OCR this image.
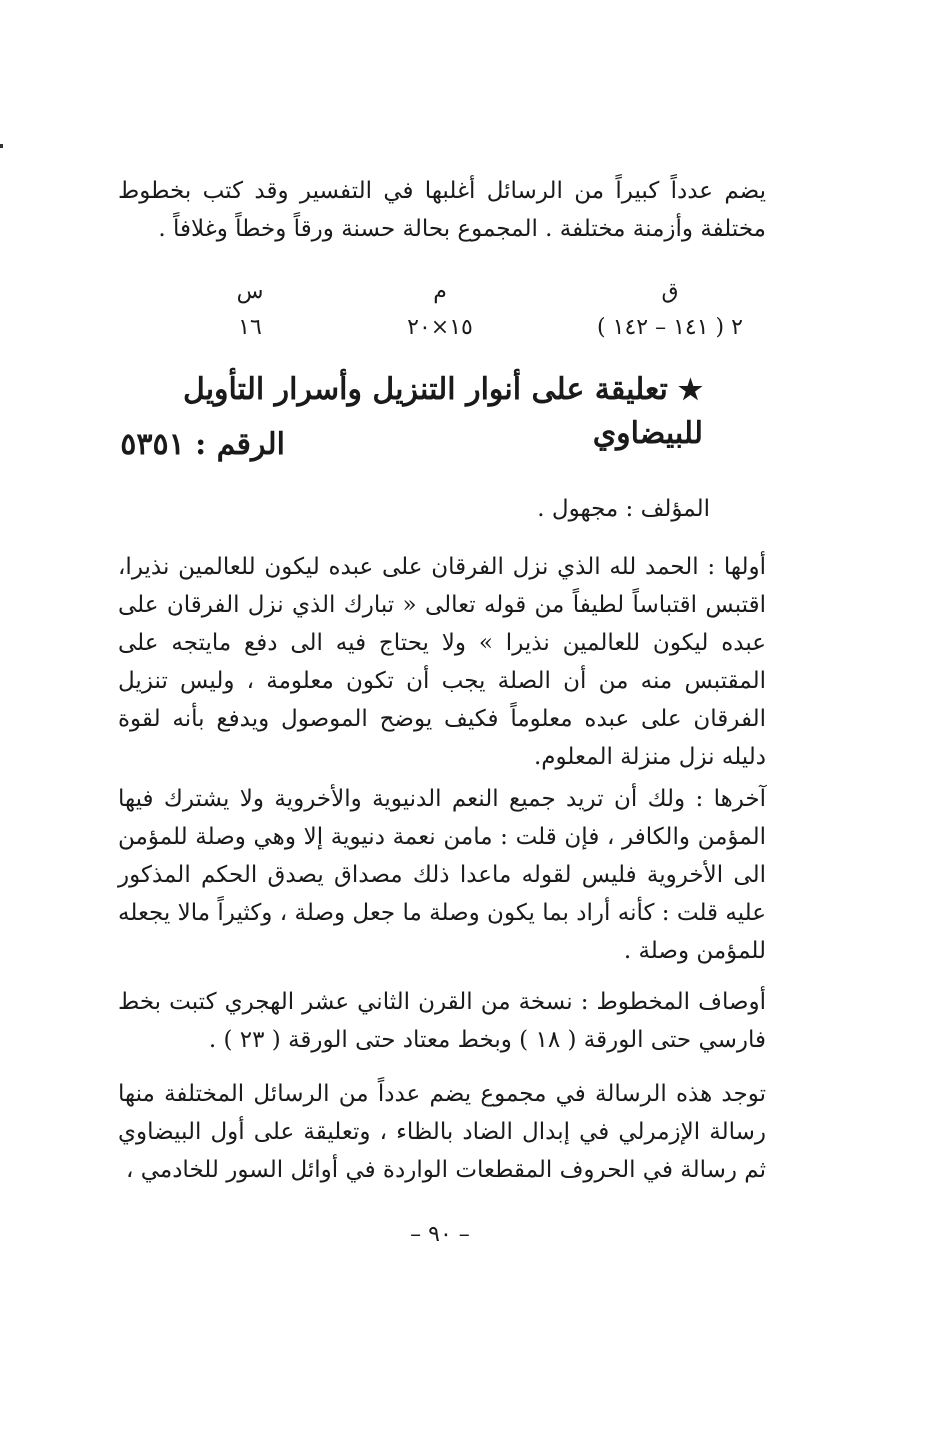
يضم عدداً كبيراً من الرسائل أغلبها في التفسير وقد كتب بخطوط مختلفة وأزمنة مختلفة . المجموع بحالة حسنة ورقاً وخطاً وغلافاً .

ق
٢ ( ١٤١ – ١٤٢ )
م
١٥×٢٠
س
١٦
★تعليقة على أنوار التنزيل وأسرار التأويل للبيضاوي
الرقم : ٥٣٥١

المؤلف : مجهول .

أولها : الحمد لله الذي نزل الفرقان على عبده ليكون للعالمين نذيرا، اقتبس اقتباساً لطيفاً من قوله تعالى « تبارك الذي نزل الفرقان على عبده ليكون للعالمين نذيرا » ولا يحتاج فيه الى دفع مايتجه على المقتبس منه من أن الصلة يجب أن تكون معلومة ، وليس تنزيل الفرقان على عبده معلوماً فكيف يوضح الموصول ويدفع بأنه لقوة دليله نزل منزلة المعلوم.

آخرها : ولك أن تريد جميع النعم الدنيوية والأخروية ولا يشترك فيها المؤمن والكافر ، فإن قلت : مامن نعمة دنيوية إلا وهي وصلة للمؤمن الى الأخروية فليس لقوله ماعدا ذلك مصداق يصدق الحكم المذكور عليه قلت : كأنه أراد بما يكون وصلة ما جعل وصلة ، وكثيراً مالا يجعله للمؤمن وصلة .

أوصاف المخطوط : نسخة من القرن الثاني عشر الهجري كتبت بخط فارسي حتى الورقة ( ١٨ ) وبخط معتاد حتى الورقة ( ٢٣ ) .

توجد هذه الرسالة في مجموع يضم عدداً من الرسائل المختلفة منها رسالة الإزمرلي في إبدال الضاد بالظاء ، وتعليقة على أول البيضاوي ثم رسالة في الحروف المقطعات الواردة في أوائل السور للخادمي ،

– ٩٠ –
